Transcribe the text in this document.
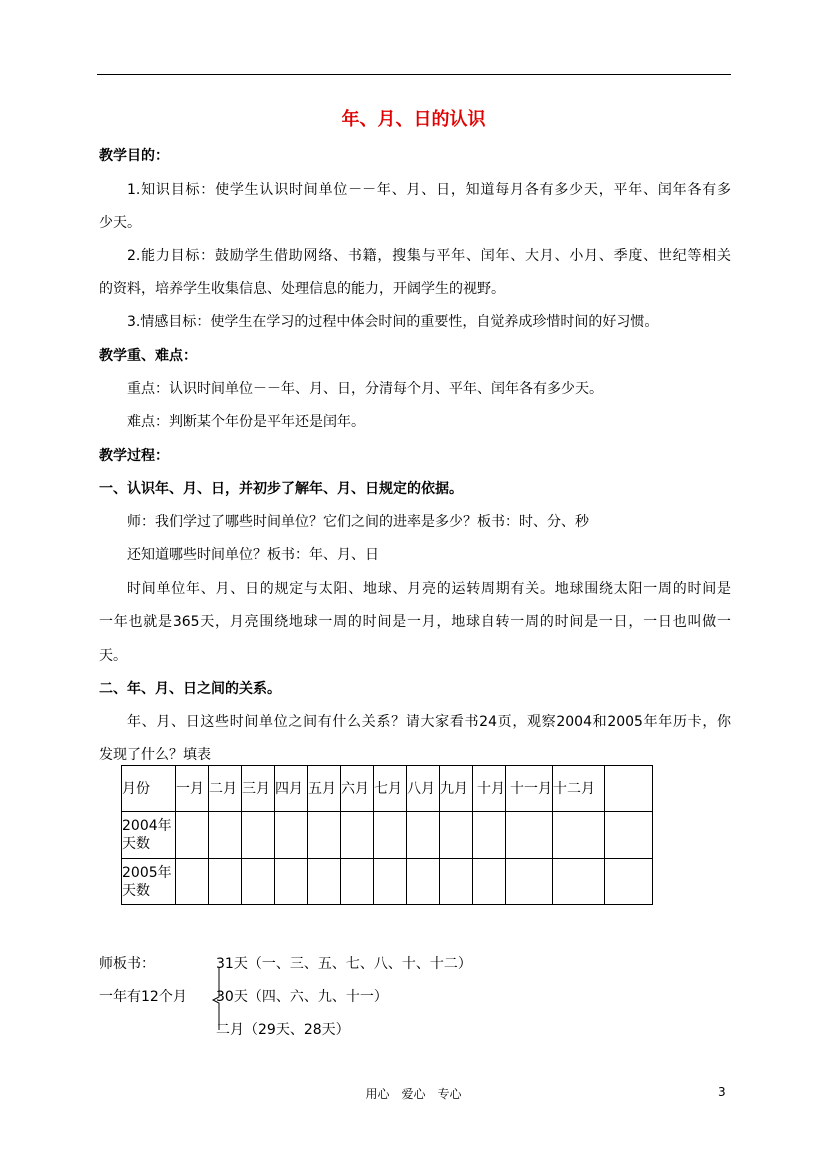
年、月、日的认识
教学目的：
1.知识目标：使学生认识时间单位－－年、月、日，知道每月各有多少天，平年、闰年各有多
少天。
2.能力目标：鼓励学生借助网络、书籍，搜集与平年、闰年、大月、小月、季度、世纪等相关
的资料，培养学生收集信息、处理信息的能力，开阔学生的视野。
3.情感目标：使学生在学习的过程中体会时间的重要性，自觉养成珍惜时间的好习惯。
教学重、难点：
重点：认识时间单位－－年、月、日，分清每个月、平年、闰年各有多少天。
难点：判断某个年份是平年还是闰年。
教学过程：
一、认识年、月、日，并初步了解年、月、日规定的依据。
师：我们学过了哪些时间单位？它们之间的进率是多少？板书：时、分、秒
还知道哪些时间单位？板书：年、月、日
时间单位年、月、日的规定与太阳、地球、月亮的运转周期有关。地球围绕太阳一周的时间是
一年也就是365天，月亮围绕地球一周的时间是一月，地球自转一周的时间是一日，一日也叫做一
天。
二、年、月、日之间的关系。
年、月、日这些时间单位之间有什么关系？请大家看书24页，观察2004和2005年年历卡，你
发现了什么？填表
月份	一月	二月	三月	四月	五月	六月	七月	八月	九月	十月	十一月	十二月	
2004年天数													
2005年天数													
师板书：
一年有12个月
31天（一、三、五、七、八、十、十二）
30天（四、六、九、十一）
二月（29天、28天）
用心　爱心　专心	3
